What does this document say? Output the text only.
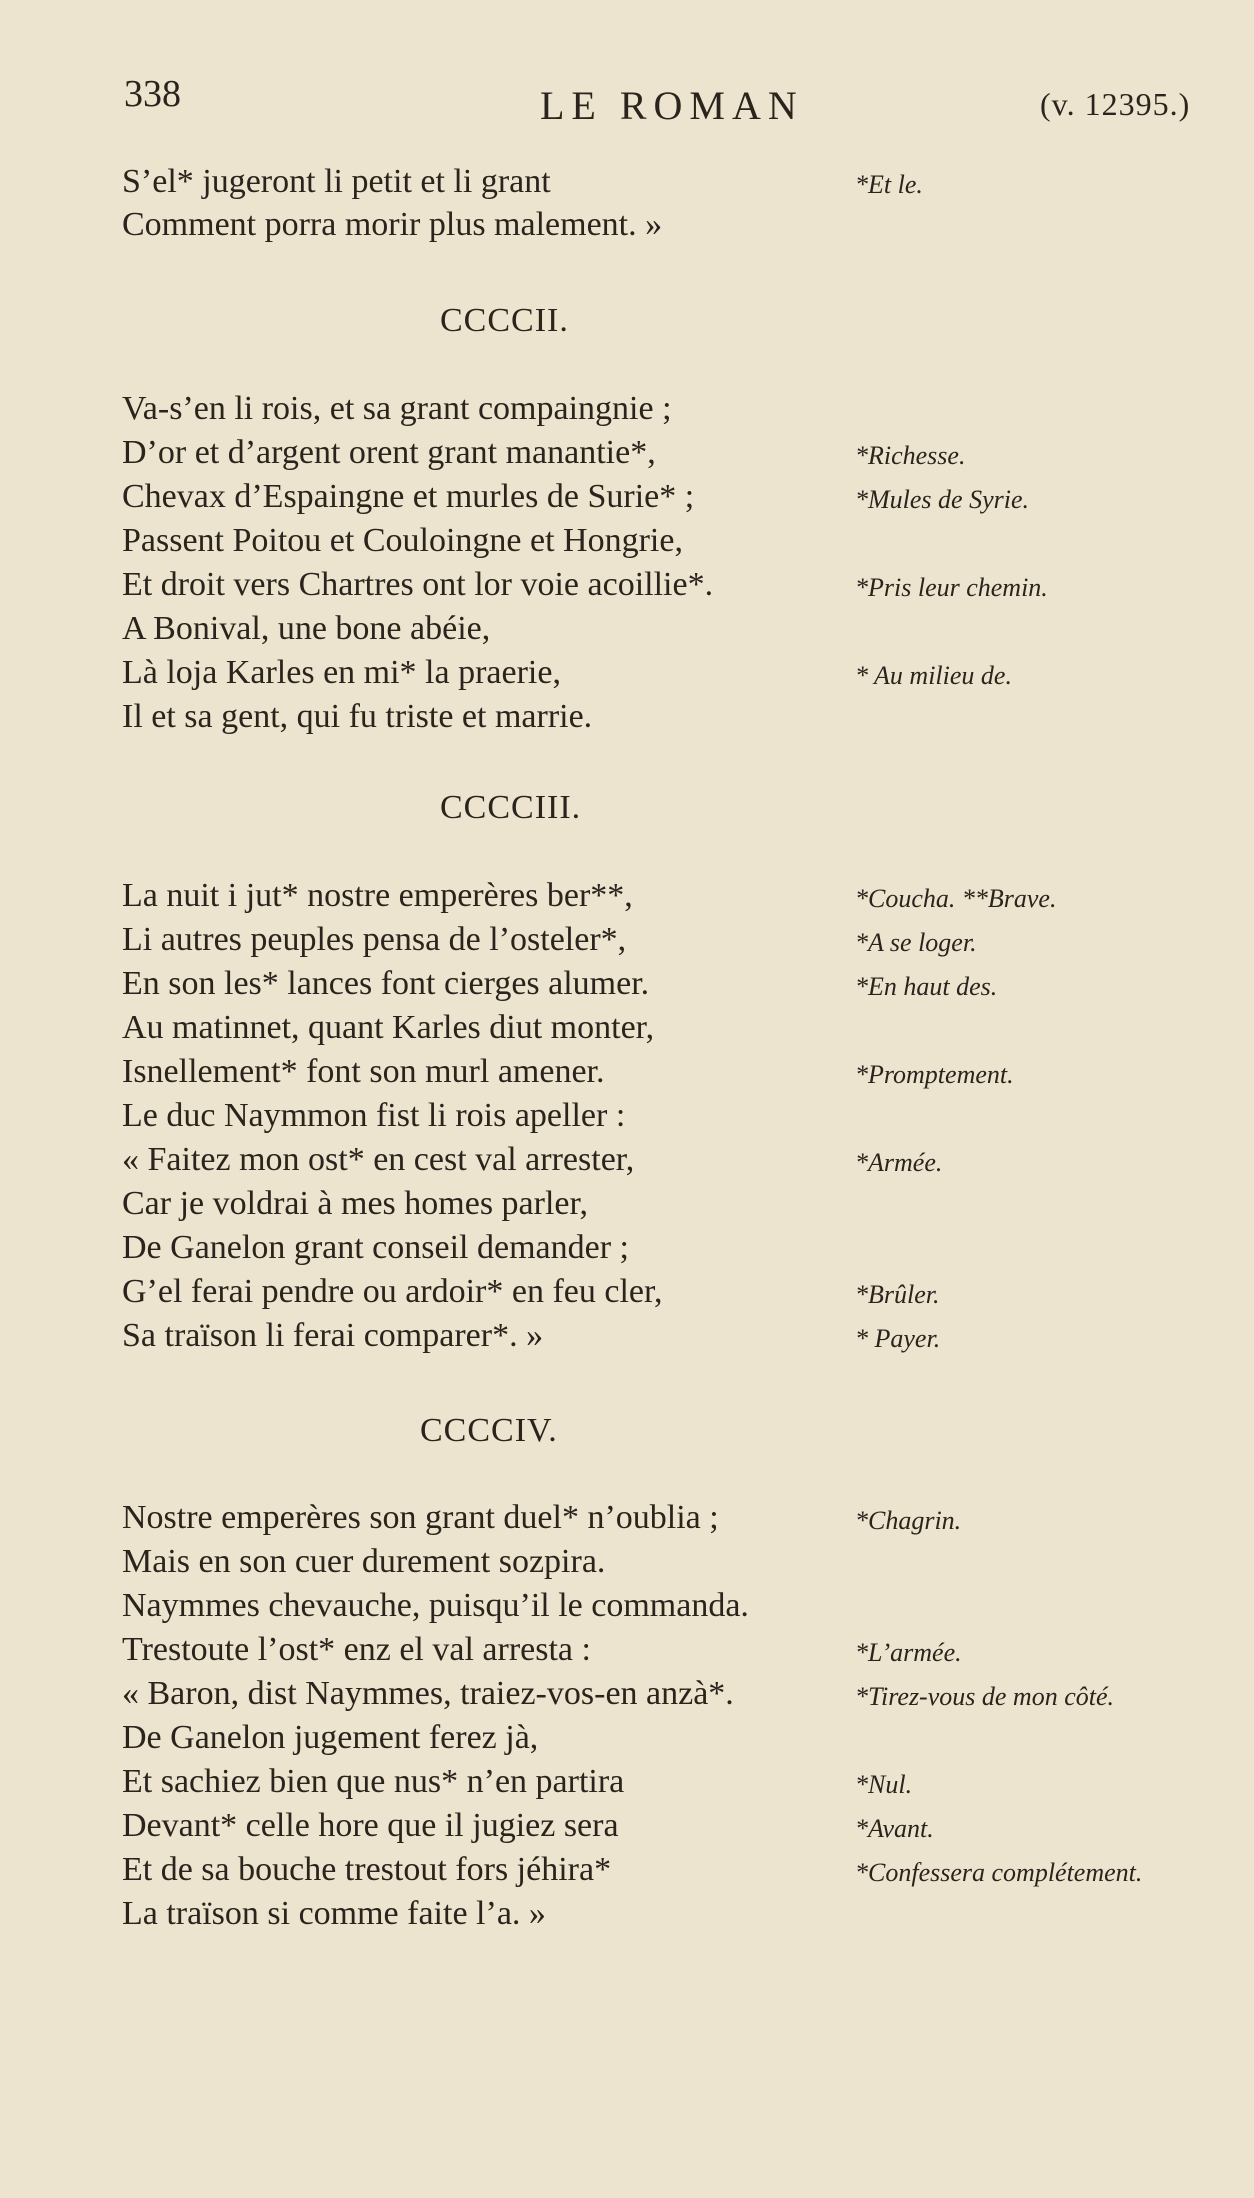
338	LE ROMAN	(v. 12395.)
S’el* jugeront li petit et li grant	*Et le.
Comment porra morir plus malement. »
CCCCII.
Va-s’en li rois, et sa grant compaingnie ;
D’or et d’argent orent grant manantie*,	*Richesse.
Chevax d’Espaingne et murles de Surie* ;	*Mules de Syrie.
Passent Poitou et Couloingne et Hongrie,
Et droit vers Chartres ont lor voie acoillie*.	*Pris leur chemin.
A Bonival, une bone abéie,
Là loja Karles en mi* la praerie,	* Au milieu de.
Il et sa gent, qui fu triste et marrie.
CCCCIII.
La nuit i jut* nostre emperères ber**,	*Coucha. **Brave.
Li autres peuples pensa de l’osteler*,	*A se loger.
En son les* lances font cierges alumer.	*En haut des.
Au matinnet, quant Karles diut monter,
Isnellement* font son murl amener.	*Promptement.
Le duc Naymmon fist li rois apeller :
« Faitez mon ost* en cest val arrester,	*Armée.
Car je voldrai à mes homes parler,
De Ganelon grant conseil demander ;
G’el ferai pendre ou ardoir* en feu cler,	*Brûler.
Sa traïson li ferai comparer*. »	* Payer.
CCCCIV.
Nostre emperères son grant duel* n’oublia ;	*Chagrin.
Mais en son cuer durement sozpira.
Naymmes chevauche, puisqu’il le commanda.
Trestoute l’ost* enz el val arresta :	*L’armée.
« Baron, dist Naymmes, traiez-vos-en anzà*.	*Tirez-vous de mon côté.
De Ganelon jugement ferez jà,
Et sachiez bien que nus* n’en partira	*Nul.
Devant* celle hore que il jugiez sera	*Avant.
Et de sa bouche trestout fors jéhira*	*Confessera complétement.
La traïson si comme faite l’a. »
